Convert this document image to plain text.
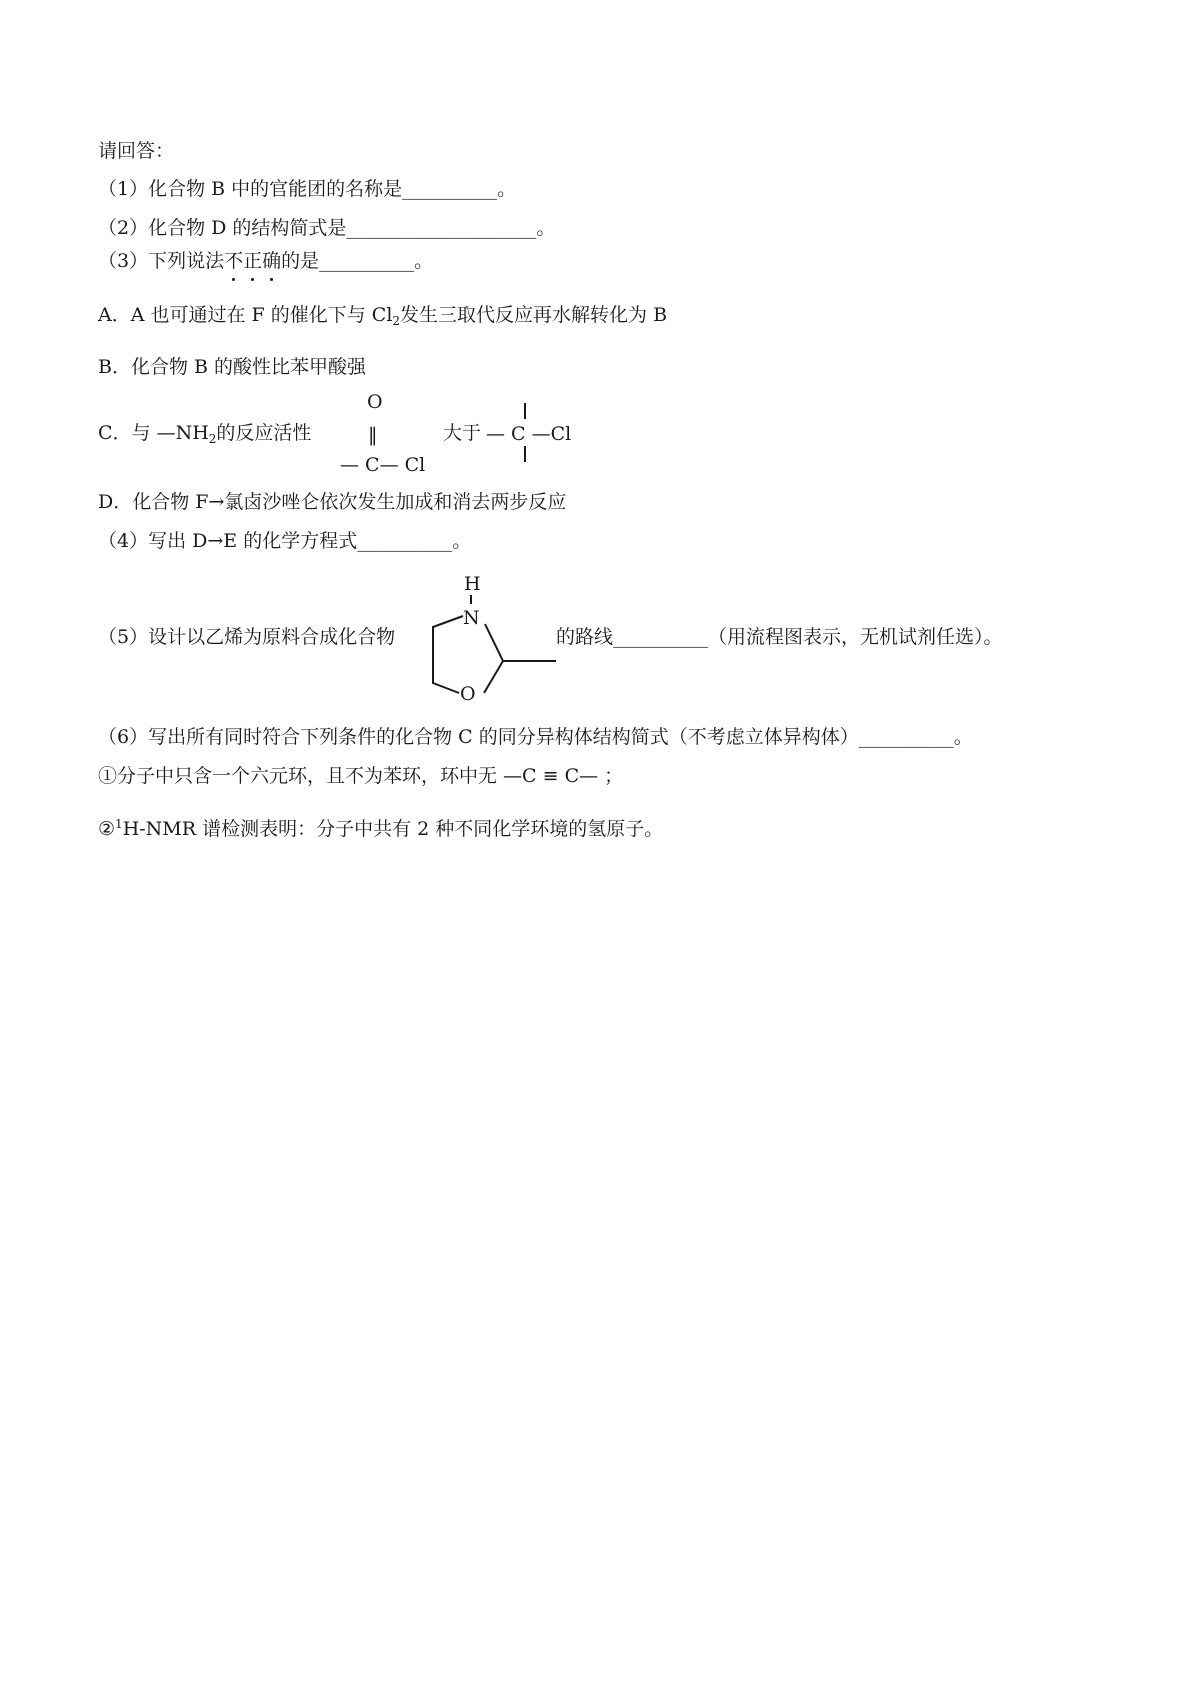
请回答：
（1）化合物 B 中的官能团的名称是__________。
（2）化合物 D 的结构简式是____________________。
（3）下列说法不正确的是__________。
A．A 也可通过在 F 的催化下与 $Cl_2$发生三取代反应再水解转化为 B
B．化合物 B 的酸性比苯甲酸强
C．与 $—NH_2$的反应活性
O
‖
— C— Cl
大于 — C —Cl
D．化合物 F→氯卤沙唑仑依次发生加成和消去两步反应
（4）写出 D→E 的化学方程式__________。
（5）设计以乙烯为原料合成化合物
H
N
O
的路线__________（用流程图表示，无机试剂任选）。
（6）写出所有同时符合下列条件的化合物 C 的同分异构体结构简式（不考虑立体异构体）__________。
①分子中只含一个六元环，且不为苯环，环中无 —C ≡ C— ；
②$^1$H-NMR 谱检测表明：分子中共有 2 种不同化学环境的氢原子。
